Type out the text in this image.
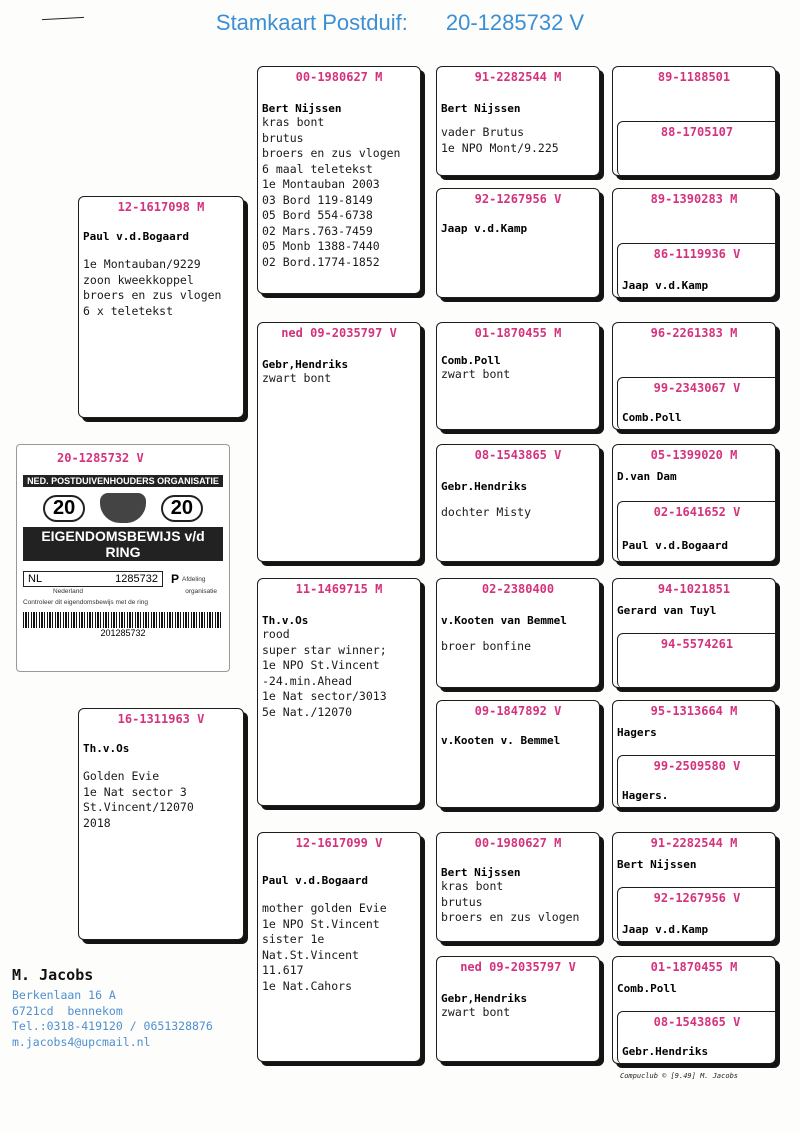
Stamkaart Postduif: 20-1285732 V
12-1617098 M
Paul v.d.Bogaard
1e Montauban/9229
zoon kweekkoppel
broers en zus vlogen
6 x teletekst
16-1311963 V
Th.v.Os
Golden Evie
1e Nat sector 3
St.Vincent/12070
2018
20-1285732 V
NED. POSTDUIVENHOUDERS ORGANISATIE
20	20
EIGENDOMSBEWIJS v/d RING
NL	1285732 P Afdeling
Nederland	organisatie
Controleer dit eigendomsbewijs met de ring
201285732
00-1980627 M
Bert Nijssen
kras bont
brutus
broers en zus vlogen
6 maal teletekst
1e Montauban 2003
03 Bord 119-8149
05 Bord 554-6738
02 Mars.763-7459
05 Monb 1388-7440
02 Bord.1774-1852
ned 09-2035797 V
Gebr,Hendriks
zwart bont
11-1469715 M
Th.v.Os
rood
super star winner;
1e NPO St.Vincent
-24.min.Ahead
1e Nat sector/3013
5e Nat./12070
12-1617099 V
Paul v.d.Bogaard
mother golden Evie
1e NPO St.Vincent
sister 1e
Nat.St.Vincent
11.617
1e Nat.Cahors
91-2282544 M
Bert Nijssen
vader Brutus
1e NPO Mont/9.225
92-1267956 V
Jaap v.d.Kamp
01-1870455 M
Comb.Poll
zwart bont
08-1543865 V
Gebr.Hendriks
dochter Misty
02-2380400
v.Kooten van Bemmel
broer bonfine
09-1847892 V
v.Kooten v. Bemmel
00-1980627 M
Bert Nijssen
kras bont
brutus
broers en zus vlogen
ned 09-2035797 V
Gebr,Hendriks
zwart bont
89-1188501
88-1705107
89-1390283 M
86-1119936 V
Jaap v.d.Kamp
96-2261383 M
99-2343067 V
Comb.Poll
05-1399020 M
D.van Dam
02-1641652 V
Paul v.d.Bogaard
94-1021851
Gerard van Tuyl
94-5574261
95-1313664 M
Hagers
99-2509580 V
Hagers.
91-2282544 M
Bert Nijssen
92-1267956 V
Jaap v.d.Kamp
01-1870455 M
Comb.Poll
08-1543865 V
Gebr.Hendriks
M. Jacobs
Berkenlaan 16 A
6721cd  bennekom
Tel.:0318-419120 / 0651328876
m.jacobs4@upcmail.nl
Compuclub © [9.49] M. Jacobs
